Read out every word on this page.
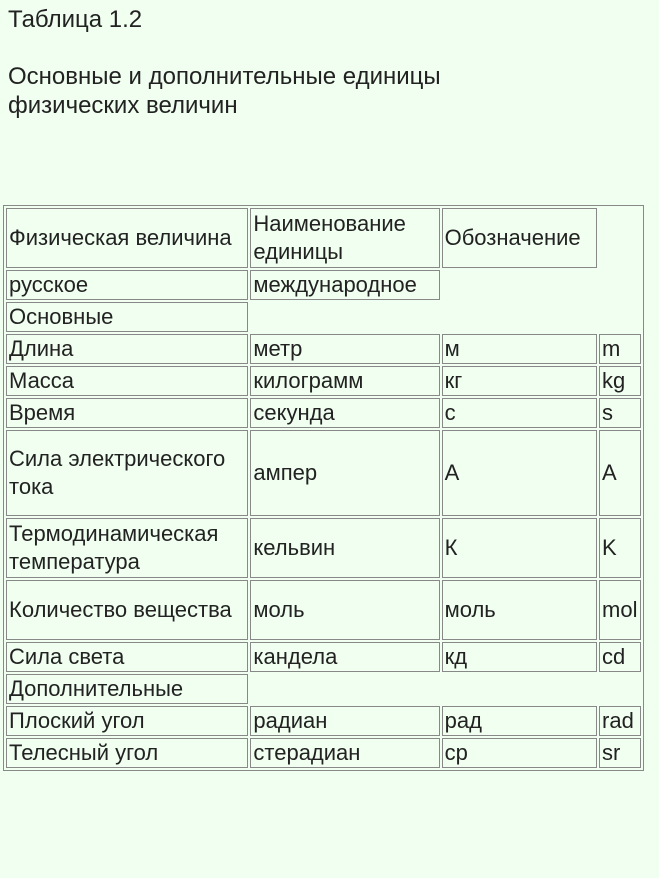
Таблица 1.2
Основные и дополнительные единицы физических величин
Физическая величина	Наименование единицы	Обозначение	
русское	международное		
Основные			
Длина	метр	м	m
Масса	килограмм	кг	kg
Время	секунда	с	s
Сила электрического тока	ампер	А	A
Термодинамическая температура	кельвин	К	K
Количество вещества	моль	моль	mol
Сила света	кандела	кд	cd
Дополнительные			
Плоский угол	радиан	рад	rad
Телесный угол	стерадиан	ср	sr
